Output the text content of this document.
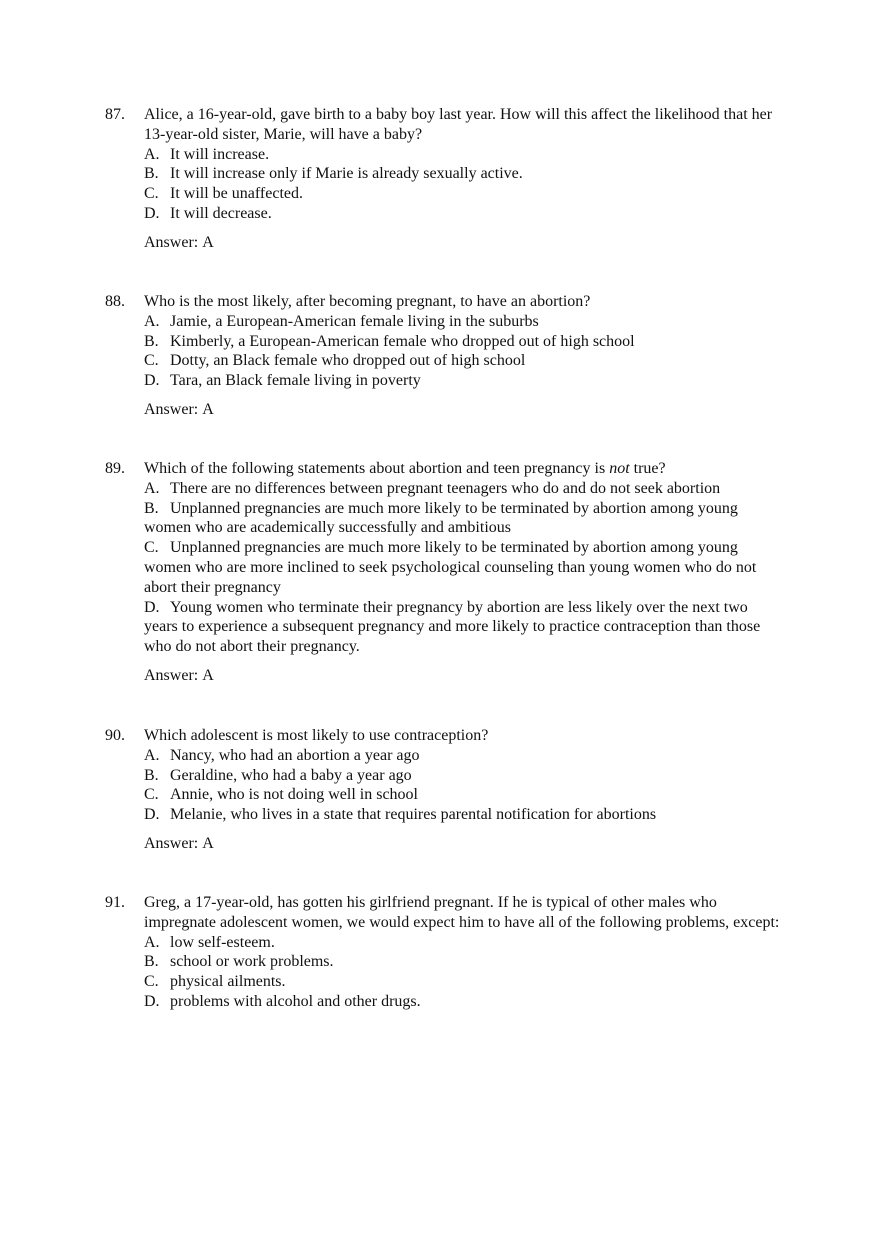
87.	Alice, a 16-year-old, gave birth to a baby boy last year. How will this affect the likelihood that her 13-year-old sister, Marie, will have a baby?

A. It will increase.
B. It will increase only if Marie is already sexually active.
C. It will be unaffected.
D. It will decrease.
Answer: A
88.	Who is the most likely, after becoming pregnant, to have an abortion?

A. Jamie, a European-American female living in the suburbs
B. Kimberly, a European-American female who dropped out of high school
C. Dotty, an Black female who dropped out of high school
D. Tara, an Black female living in poverty
Answer: A
89.	Which of the following statements about abortion and teen pregnancy is not true?

A. There are no differences between pregnant teenagers who do and do not seek abortion
B. Unplanned pregnancies are much more likely to be terminated by abortion among young women who are academically successfully and ambitious
C. Unplanned pregnancies are much more likely to be terminated by abortion among young women who are more inclined to seek psychological counseling than young women who do not abort their pregnancy
D. Young women who terminate their pregnancy by abortion are less likely over the next two years to experience a subsequent pregnancy and more likely to practice contraception than those who do not abort their pregnancy.
Answer: A
90.	Which adolescent is most likely to use contraception?

A. Nancy, who had an abortion a year ago
B. Geraldine, who had a baby a year ago
C. Annie, who is not doing well in school
D. Melanie, who lives in a state that requires parental notification for abortions
Answer: A
91.	Greg, a 17-year-old, has gotten his girlfriend pregnant. If he is typical of other males who impregnate adolescent women, we would expect him to have all of the following problems, except:

A. low self-esteem.
B. school or work problems.
C. physical ailments.
D. problems with alcohol and other drugs.
